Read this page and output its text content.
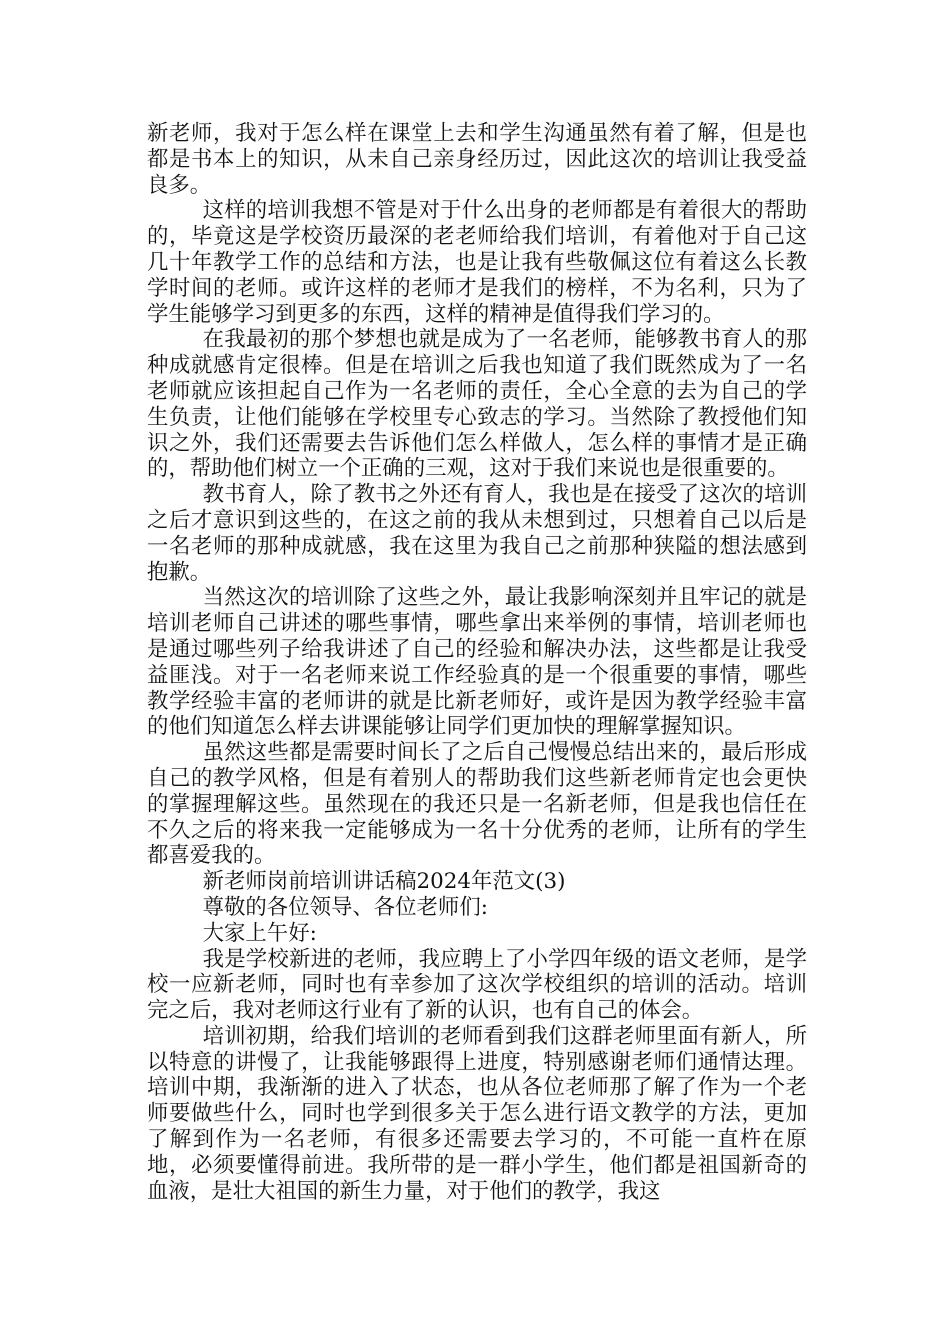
新老师，我对于怎么样在课堂上去和学生沟通虽然有着了解，但是也都是书本上的知识，从未自己亲身经历过，因此这次的培训让我受益良多。

这样的培训我想不管是对于什么出身的老师都是有着很大的帮助的，毕竟这是学校资历最深的老老师给我们培训，有着他对于自己这几十年教学工作的总结和方法，也是让我有些敬佩这位有着这么长教学时间的老师。或许这样的老师才是我们的榜样，不为名利，只为了学生能够学习到更多的东西，这样的精神是值得我们学习的。

在我最初的那个梦想也就是成为了一名老师，能够教书育人的那种成就感肯定很棒。但是在培训之后我也知道了我们既然成为了一名老师就应该担起自己作为一名老师的责任，全心全意的去为自己的学生负责，让他们能够在学校里专心致志的学习。当然除了教授他们知识之外，我们还需要去告诉他们怎么样做人，怎么样的事情才是正确的，帮助他们树立一个正确的三观，这对于我们来说也是很重要的。

教书育人，除了教书之外还有育人，我也是在接受了这次的培训之后才意识到这些的，在这之前的我从未想到过，只想着自己以后是一名老师的那种成就感，我在这里为我自己之前那种狭隘的想法感到抱歉。

当然这次的培训除了这些之外，最让我影响深刻并且牢记的就是培训老师自己讲述的哪些事情，哪些拿出来举例的事情，培训老师也是通过哪些列子给我讲述了自己的经验和解决办法，这些都是让我受益匪浅。对于一名老师来说工作经验真的是一个很重要的事情，哪些教学经验丰富的老师讲的就是比新老师好，或许是因为教学经验丰富的他们知道怎么样去讲课能够让同学们更加快的理解掌握知识。

虽然这些都是需要时间长了之后自己慢慢总结出来的，最后形成自己的教学风格，但是有着别人的帮助我们这些新老师肯定也会更快的掌握理解这些。虽然现在的我还只是一名新老师，但是我也信任在不久之后的将来我一定能够成为一名十分优秀的老师，让所有的学生都喜爱我的。

新老师岗前培训讲话稿2024年范文(3)

尊敬的各位领导、各位老师们:

大家上午好:

我是学校新进的老师，我应聘上了小学四年级的语文老师，是学校一应新老师，同时也有幸参加了这次学校组织的培训的活动。培训完之后，我对老师这行业有了新的认识，也有自己的体会。

培训初期，给我们培训的老师看到我们这群老师里面有新人，所以特意的讲慢了，让我能够跟得上进度，特别感谢老师们通情达理。培训中期，我渐渐的进入了状态，也从各位老师那了解了作为一个老师要做些什么，同时也学到很多关于怎么进行语文教学的方法，更加了解到作为一名老师，有很多还需要去学习的，不可能一直杵在原地，必须要懂得前进。我所带的是一群小学生，他们都是祖国新奇的血液，是壮大祖国的新生力量，对于他们的教学，我这
